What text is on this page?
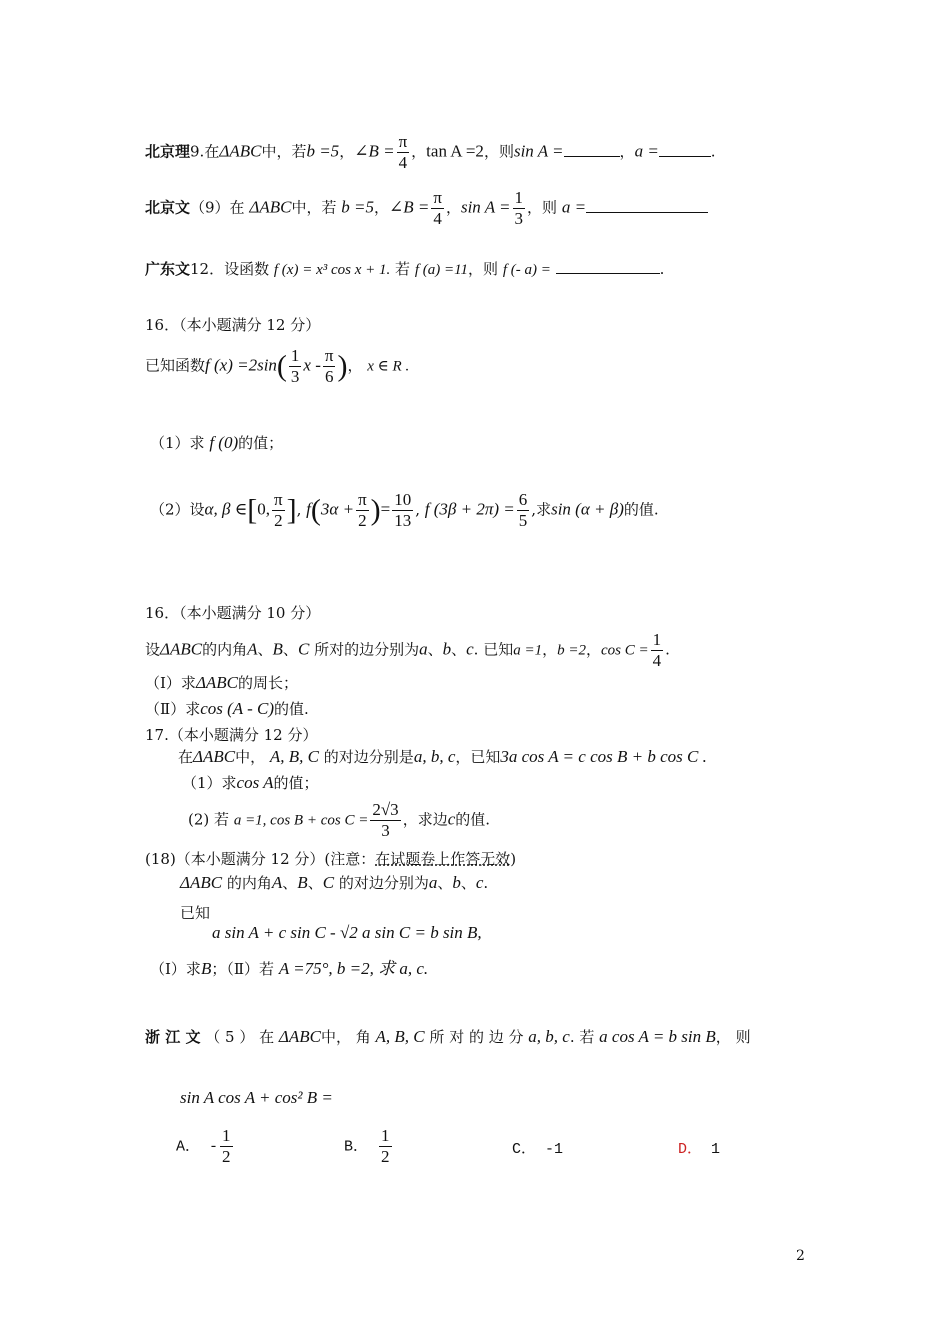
北京理9.在ΔABC中，若b =5，∠B = $\frac{\pi}{4}$ ，tan A =2，则sin A =	，a =	.
北京文（9）在 ΔABC中，若 b =5，∠B = $\frac{\pi}{4}$ ，$\sin A = \frac{1}{3}$ ，则 a =
广东文12．设函数 f (x) = x³ cos x + 1. 若 f (a) =11，则 f (- a) =	.
16．（本小题满分 12 分）
已知函数f $(x) =2\sin( \frac{1}{3}$ x - $\frac{\pi}{6}$ )， x ∈ R .
（1）求 f (0)的值；
（2）设α, β ∈[0, $\frac{\pi}{2}$ ], $f(3\alpha + \frac{\pi}{2}$ )= $\frac{10}{13}$ , f $(3\beta + 2\pi) = \frac{6}{5}$ ,求sin (α + β)的值.
16．（本小题满分 10 分）
设ΔABC的内角A、B、C 所对的边分别为a、b、c. 已知a =1，b =2，$\cos C = \frac{1}{4}$ .
（Ⅰ）求ΔABC的周长；
（Ⅱ）求cos (A - C)的值.
17.（本小题满分 12 分）
在ΔABC中， A, B, C 的对边分别是a, b, c，已知3a cos A = c cos B + b cos C .
（1）求cos A的值；
(2) 若 a =1, $\cos B + \cos C = \frac{2√3}{3}$ ，求边c的值.
(18)（本小题满分 12 分）(注意：在试题卷上作答无效)
ΔABC 的内角A、B、C 的对边分别为a、b、c.
已知
a sin A + c sin C - √2 a sin C = b sin B,
（Ⅰ）求B；（Ⅱ）若 A =75°, b =2, 求 a, c.
浙 江 文 （ 5 ） 在 ΔABC中， 角 A, B, C 所 对 的 边 分 a, b, c. 若 a cos A = b sin B， 则
sin A cos A + cos² B =
A． - $\frac{1}{2}$	B． $\frac{1}{2}$	C． -1	D． 1
2
